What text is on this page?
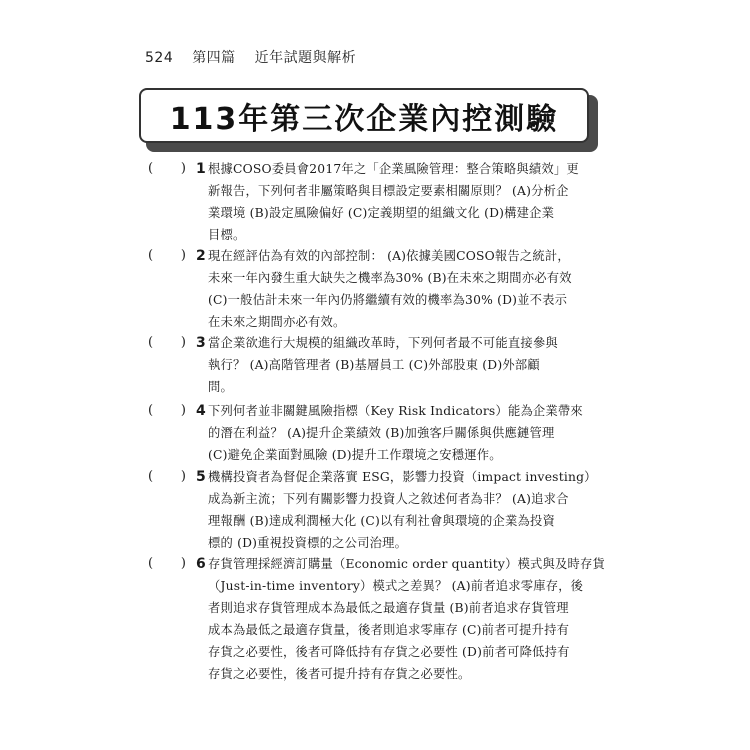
524 第四篇 近年試題與解析
113年第三次企業內控測驗
( ) 1 根據COSO委員會2017年之「企業風險管理：整合策略與績效」更
新報告，下列何者非屬策略與目標設定要素相關原則？ (A)分析企
業環境 (B)設定風險偏好 (C)定義期望的組織文化 (D)構建企業
目標。
( ) 2 現在經評估為有效的內部控制： (A)依據美國COSO報告之統計，
未來一年內發生重大缺失之機率為30% (B)在未來之期間亦必有效
(C)一般估計未來一年內仍將繼續有效的機率為30% (D)並不表示
在未來之期間亦必有效。
( ) 3 當企業欲進行大規模的組織改革時，下列何者最不可能直接參與
執行？ (A)高階管理者 (B)基層員工 (C)外部股東 (D)外部顧
問。
( ) 4 下列何者並非關鍵風險指標（Key Risk Indicators）能為企業帶來
的潛在利益？ (A)提升企業績效 (B)加強客戶關係與供應鏈管理
(C)避免企業面對風險 (D)提升工作環境之安穩運作。
( ) 5 機構投資者為督促企業落實 ESG，影響力投資（impact investing）
成為新主流；下列有關影響力投資人之敘述何者為非？ (A)追求合
理報酬 (B)達成利潤極大化 (C)以有利社會與環境的企業為投資
標的 (D)重視投資標的之公司治理。
( ) 6 存貨管理採經濟訂購量（Economic order quantity）模式與及時存貨
（Just-in-time inventory）模式之差異？ (A)前者追求零庫存，後
者則追求存貨管理成本為最低之最適存貨量 (B)前者追求存貨管理
成本為最低之最適存貨量，後者則追求零庫存 (C)前者可提升持有
存貨之必要性，後者可降低持有存貨之必要性 (D)前者可降低持有
存貨之必要性，後者可提升持有存貨之必要性。
